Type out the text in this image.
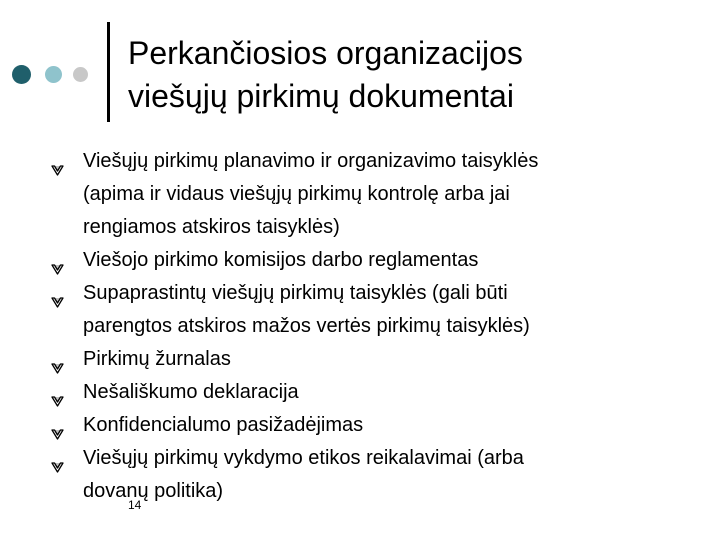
Perkančiosios organizacijos
viešųjų pirkimų dokumentai
Viešųjų pirkimų planavimo ir organizavimo taisyklės
(apima ir vidaus viešųjų pirkimų kontrolę arba jai
rengiamos atskiros taisyklės)
Viešojo pirkimo komisijos darbo reglamentas
Supaprastintų viešųjų pirkimų taisyklės (gali būti
parengtos atskiros mažos vertės pirkimų taisyklės)
Pirkimų žurnalas
Nešališkumo deklaracija
Konfidencialumo pasižadėjimas
Viešųjų pirkimų vykdymo etikos reikalavimai (arba
dovanų politika)
14
